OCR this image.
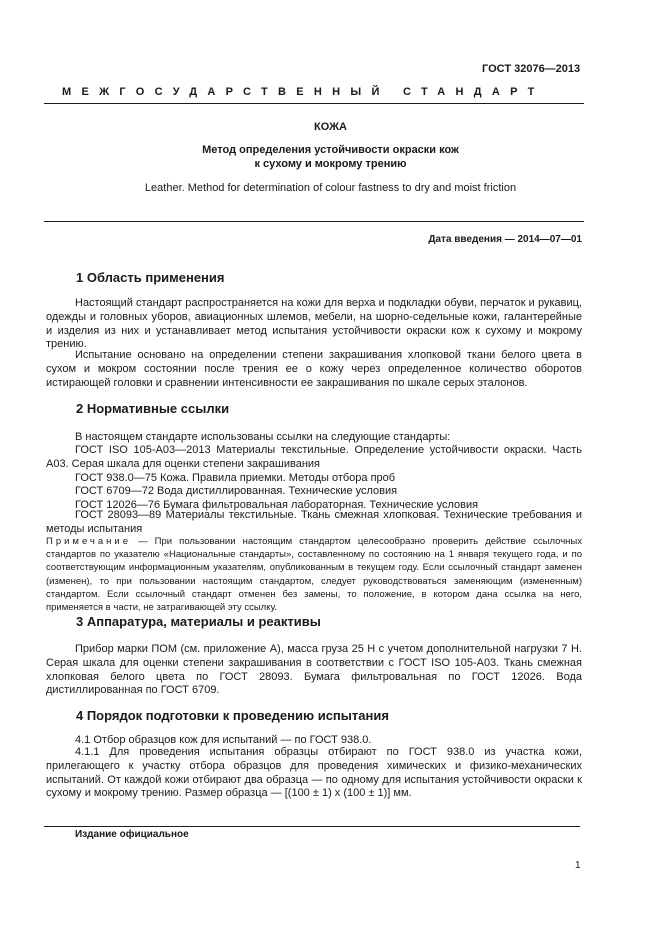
ГОСТ 32076—2013
МЕЖГОСУДАРСТВЕННЫЙ СТАНДАРТ
КОЖА
Метод определения устойчивости окраски кож
к сухому и мокрому трению
Leather. Method for determination of colour fastness to dry and moist friction
Дата введения — 2014—07—01
1 Область применения

Настоящий стандарт распространяется на кожи для верха и подкладки обуви, перчаток и рукавиц, одежды и головных уборов, авиационных шлемов, мебели, на шорно-седельные кожи, галантерейные и изделия из них и устанавливает метод испытания устойчивости окраски кож к сухому и мокрому трению.

Испытание основано на определении степени закрашивания хлопковой ткани белого цвета в сухом и мокром состоянии после трения ее о кожу через определенное количество оборотов истирающей головки и сравнении интенсивности ее закрашивания по шкале серых эталонов.

2 Нормативные ссылки
В настоящем стандарте использованы ссылки на следующие стандарты:

ГОСТ ISO 105-A03—2013 Материалы текстильные. Определение устойчивости окраски. Часть A03. Серая шкала для оценки степени закрашивания

ГОСТ 938.0—75 Кожа. Правила приемки. Методы отбора проб
ГОСТ 6709—72 Вода дистиллированная. Технические условия
ГОСТ 12026—76 Бумага фильтровальная лабораторная. Технические условия

ГОСТ 28093—89 Материалы текстильные. Ткань смежная хлопковая. Технические требования и методы испытания

Примечание — При пользовании настоящим стандартом целесообразно проверить действие ссылочных стандартов по указателю «Национальные стандарты», составленному по состоянию на 1 января текущего года, и по соответствующим информационным указателям, опубликованным в текущем году. Если ссылочный стандарт заменен (изменен), то при пользовании настоящим стандартом, следует руководствоваться заменяющим (измененным) стандартом. Если ссылочный стандарт отменен без замены, то положение, в котором дана ссылка на него, применяется в части, не затрагивающей эту ссылку.

3 Аппаратура, материалы и реактивы

Прибор марки ПОМ (см. приложение А), масса груза 25 Н с учетом дополнительной нагрузки 7 Н. Серая шкала для оценки степени закрашивания в соответствии с ГОСТ ISO 105-A03. Ткань смежная хлопковая белого цвета по ГОСТ 28093. Бумага фильтровальная по ГОСТ 12026. Вода дистиллированная по ГОСТ 6709.

4 Порядок подготовки к проведению испытания
4.1 Отбор образцов кож для испытаний — по ГОСТ 938.0.

4.1.1 Для проведения испытания образцы отбирают по ГОСТ 938.0 из участка кожи, прилегающего к участку отбора образцов для проведения химических и физико-механических испытаний. От каждой кожи отбирают два образца — по одному для испытания устойчивости окраски к сухому и мокрому трению. Размер образца — [(100 ± 1) х (100 ± 1)] мм.

Издание официальное
1
